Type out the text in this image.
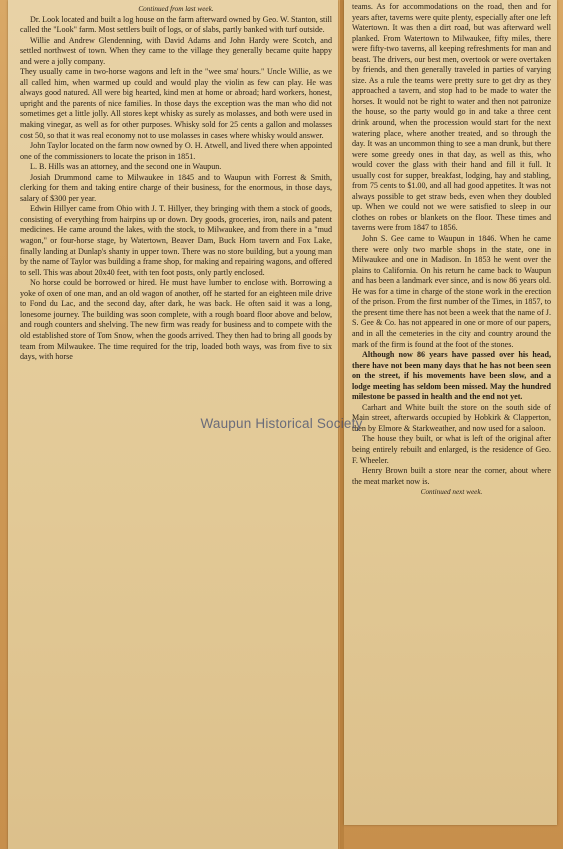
Continued from last week.

Dr. Look located and built a log house on the farm afterward owned by Geo. W. Stanton, still called the "Look" farm. Most settlers built of logs, or of slabs, partly banked with turf outside.

Willie and Andrew Glendenning, with David Adams and John Hardy were Scotch, and settled northwest of town. When they came to the village they generally became quite happy and were a jolly company.

They usually came in two-horse wagons and left in the "wee sma' hours." Uncle Willie, as we all called him, when warmed up could and would play the violin as few can play. He was always good natured. All were big hearted, kind men at home or abroad; hard workers, honest, upright and the parents of nice families. In those days the exception was the man who did not sometimes get a little jolly. All stores kept whisky as surely as molasses, and both were used in making vinegar, as well as for other purposes. Whisky sold for 25 cents a gallon and molasses cost 50, so that it was real economy not to use molasses in cases where whisky would answer.

John Taylor located on the farm now owned by O. H. Atwell, and lived there when appointed one of the commissioners to locate the prison in 1851.

L. B. Hills was an attorney, and the second one in Waupun.

Josiah Drummond came to Milwaukee in 1845 and to Waupun with Forrest & Smith, clerking for them and taking entire charge of their business, for the enormous, in those days, salary of $300 per year.

Edwin Hillyer came from Ohio with J. T. Hillyer, they bringing with them a stock of goods, consisting of everything from hairpins up or down. Dry goods, groceries, iron, nails and patent medicines. He came around the lakes, with the stock, to Milwaukee, and from there in a "mud wagon," or four-horse stage, by Watertown, Beaver Dam, Buck Horn tavern and Fox Lake, finally landing at Dunlap's shanty in upper town. There was no store building, but a young man by the name of Taylor was building a frame shop, for making and repairing wagons, and offered to sell. This was about 20x40 feet, with ten foot posts, only partly enclosed.

No horse could be borrowed or hired. He must have lumber to enclose with. Borrowing a yoke of oxen of one man, and an old wagon of another, off he started for an eighteen mile drive to Fond du Lac, and the second day, after dark, he was back. He often said it was a long, lonesome journey. The building was soon complete, with a rough board floor above and below, and rough counters and shelving. The new firm was ready for business and to compete with the old established store of Tom Snow, when the goods arrived. They then had to bring all goods by team from Milwaukee. The time required for the trip, loaded both ways, was from five to six days, with horse

teams. As for accommodations on the road, then and for years after, taverns were quite plenty, especially after one left Watertown. It was then a dirt road, but was afterward well planked. From Watertown to Milwaukee, fifty miles, there were fifty-two taverns, all keeping refreshments for man and beast. The drivers, our best men, overtook or were overtaken by friends, and then generally traveled in parties of varying size. As a rule the teams were pretty sure to get dry as they approached a tavern, and stop had to be made to water the horses. It would not be right to water and then not patronize the house, so the party would go in and take a three cent drink around, when the procession would start for the next watering place, where another treated, and so through the day. It was an uncommon thing to see a man drunk, but there were some greedy ones in that day, as well as this, who would cover the glass with their hand and fill it full. It usually cost for supper, breakfast, lodging, hay and stabling, from 75 cents to $1.00, and all had good appetites. It was not always possible to get straw beds, even when they doubled up. When we could not we were satisfied to sleep in our clothes on robes or blankets on the floor. These times and taverns were from 1847 to 1856.

John S. Gee came to Waupun in 1846. When he came there were only two marble shops in the state, one in Milwaukee and one in Madison. In 1853 he went over the plains to California. On his return he came back to Waupun and has been a landmark ever since, and is now 86 years old. He was for a time in charge of the stone work in the erection of the prison. From the first number of the Times, in 1857, to the present time there has not been a week that the name of J. S. Gee & Co. has not appeared in one or more of our papers, and in all the cemeteries in the city and country around the mark of the firm is found at the foot of the stones.

Although now 86 years have passed over his head, there have not been many days that he has not been seen on the street, if his movements have been slow, and a lodge meeting has seldom been missed. May the hundred milestone be passed in health and the end not yet.

Carhart and White built the store on the south side of Main street, afterwards occupied by Hobkirk & Clapperton, then by Elmore & Starkweather, and now used for a saloon.

The house they built, or what is left of the original after being entirely rebuilt and enlarged, is the residence of Geo. F. Wheeler.

Henry Brown built a store near the corner, about where the meat market now is.

Continued next week.

Waupun Historical Society
